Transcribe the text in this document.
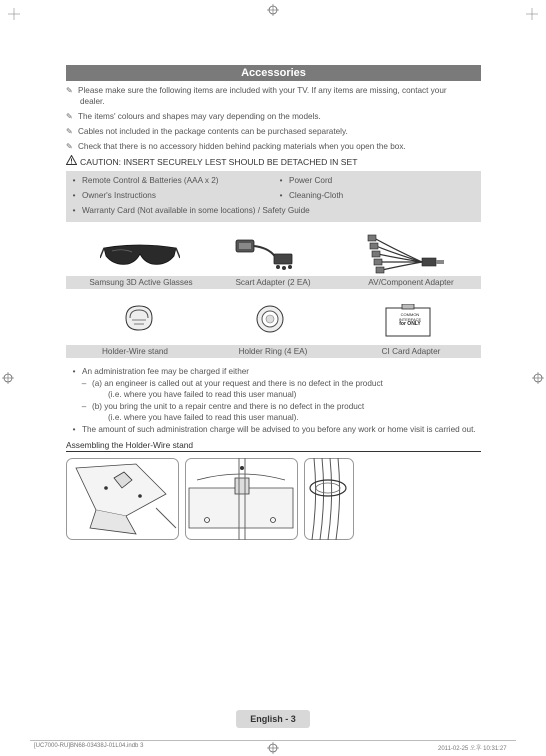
Accessories
✎ Please make sure the following items are included with your TV. If any items are missing, contact your
dealer.
✎ The items' colours and shapes may vary depending on the models.
✎ Cables not included in the package contents can be purchased separately.
✎ Check that there is no accessory hidden behind packing materials when you open the box.
CAUTION: INSERT SECURELY LEST SHOULD BE DETACHED IN SET
• Remote Control & Batteries (AAA x 2)
• Owner's Instructions
• Warranty Card (Not available in some locations) / Safety Guide
• Power Cord
• Cleaning-Cloth
Samsung 3D Active Glasses	Scart Adapter (2 EA)	AV/Component Adapter
COMMON INTERFACE
for ONLY
Holder-Wire stand	Holder Ring (4 EA)	CI Card Adapter
• An administration fee may be charged if either
– (a) an engineer is called out at your request and there is no defect in the product
(i.e. where you have failed to read this user manual)
– (b) you bring the unit to a repair centre and there is no defect in the product
(i.e. where you have failed to read this user manual).
• The amount of such administration charge will be advised to you before any work or home visit is carried out.
Assembling the Holder-Wire stand
English - 3
[UC7000-RU]BN68-03438J-01L04.indb 3	2011-02-25 오후 10:31:27
